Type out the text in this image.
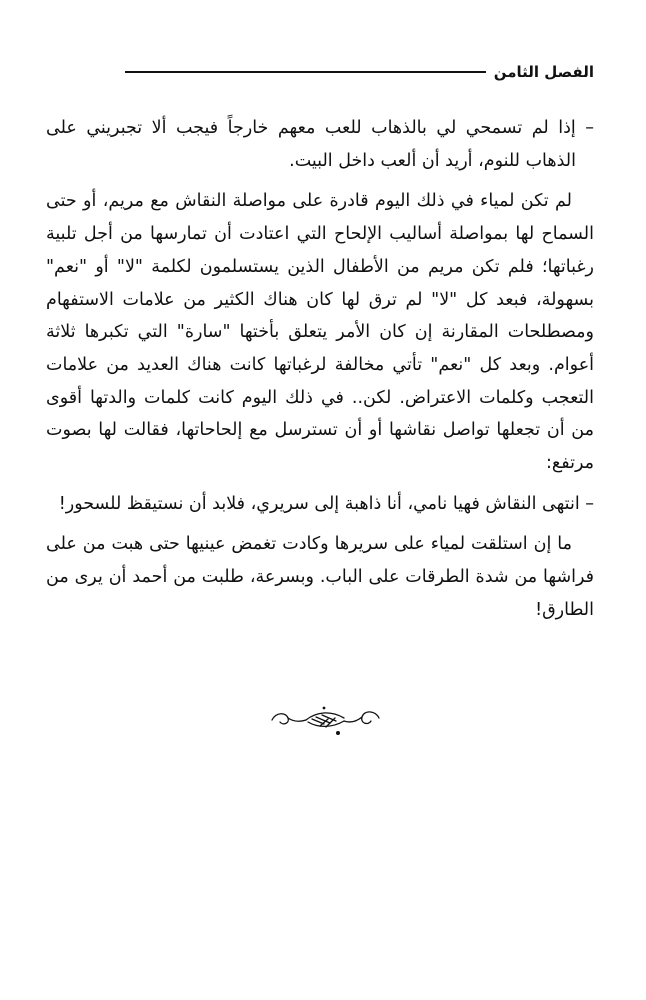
الفصل الثامن

– إذا لم تسمحي لي بالذهاب للعب معهم خارجاً فيجب ألا تجبريني على الذهاب للنوم، أريد أن ألعب داخل البيت.

لم تكن لمياء في ذلك اليوم قادرة على مواصلة النقاش مع مريم، أو حتى السماح لها بمواصلة أساليب الإلحاح التي اعتادت أن تمارسها من أجل تلبية رغباتها؛ فلم تكن مريم من الأطفال الذين يستسلمون لكلمة "لا" أو "نعم" بسهولة، فبعد كل "لا" لم ترق لها كان هناك الكثير من علامات الاستفهام ومصطلحات المقارنة إن كان الأمر يتعلق بأختها "سارة" التي تكبرها ثلاثة أعوام. وبعد كل "نعم" تأتي مخالفة لرغباتها كانت هناك العديد من علامات التعجب وكلمات الاعتراض. لكن.. في ذلك اليوم كانت كلمات والدتها أقوى من أن تجعلها تواصل نقاشها أو أن تسترسل مع إلحاحاتها، فقالت لها بصوت مرتفع:

– انتهى النقاش فهيا نامي، أنا ذاهبة إلى سريري، فلابد أن نستيقظ للسحور!

ما إن استلقت لمياء على سريرها وكادت تغمض عينيها حتى هبت من على فراشها من شدة الطرقات على الباب. وبسرعة، طلبت من أحمد أن يرى من الطارق!
